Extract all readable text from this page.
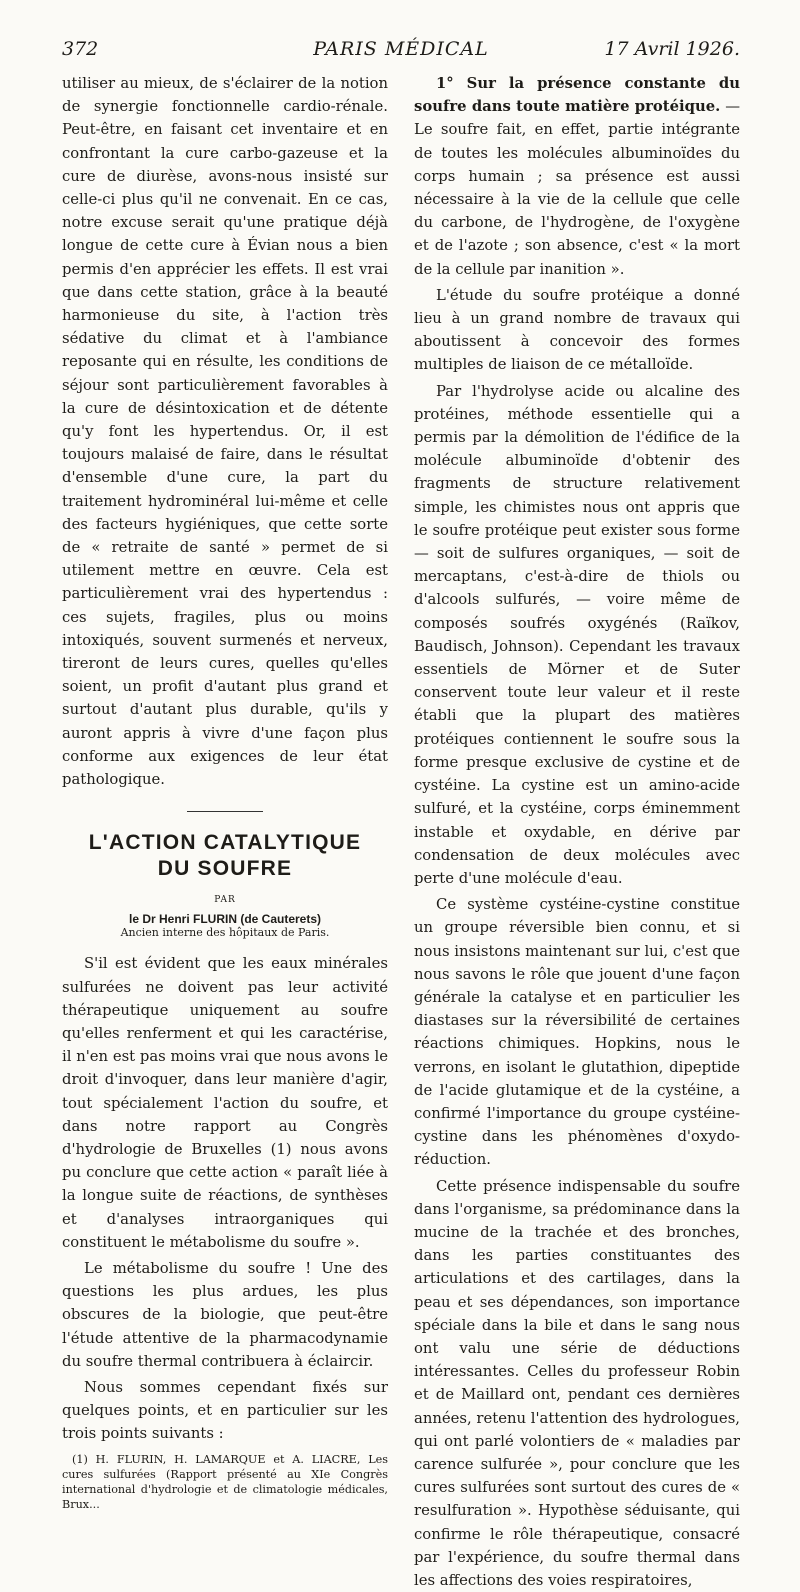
372	PARIS MÉDICAL	17 Avril 1926.

utiliser au mieux, de s'éclairer de la notion de synergie fonctionnelle cardio-rénale. Peut-être, en faisant cet inventaire et en confrontant la cure carbo-gazeuse et la cure de diurèse, avons-nous insisté sur celle-ci plus qu'il ne convenait. En ce cas, notre excuse serait qu'une pratique déjà longue de cette cure à Évian nous a bien permis d'en apprécier les effets. Il est vrai que dans cette station, grâce à la beauté harmonieuse du site, à l'action très sédative du climat et à l'ambiance reposante qui en résulte, les conditions de séjour sont particulièrement favorables à la cure de désintoxication et de détente qu'y font les hypertendus. Or, il est toujours malaisé de faire, dans le résultat d'ensemble d'une cure, la part du traitement hydrominéral lui-même et celle des facteurs hygiéniques, que cette sorte de « retraite de santé » permet de si utilement mettre en œuvre. Cela est particulièrement vrai des hypertendus : ces sujets, fragiles, plus ou moins intoxiqués, souvent surmenés et nerveux, tireront de leurs cures, quelles qu'elles soient, un profit d'autant plus grand et surtout d'autant plus durable, qu'ils y auront appris à vivre d'une façon plus conforme aux exigences de leur état pathologique.

L'ACTION CATALYTIQUE
DU SOUFRE
PAR
le Dr Henri FLURIN (de Cauterets)
Ancien interne des hôpitaux de Paris.

S'il est évident que les eaux minérales sulfurées ne doivent pas leur activité thérapeutique uniquement au soufre qu'elles renferment et qui les caractérise, il n'en est pas moins vrai que nous avons le droit d'invoquer, dans leur manière d'agir, tout spécialement l'action du soufre, et dans notre rapport au Congrès d'hydrologie de Bruxelles (1) nous avons pu conclure que cette action « paraît liée à la longue suite de réactions, de synthèses et d'analyses intraorganiques qui constituent le métabolisme du soufre ».

Le métabolisme du soufre ! Une des questions les plus ardues, les plus obscures de la biologie, que peut-être l'étude attentive de la pharmacodynamie du soufre thermal contribuera à éclaircir.

Nous sommes cependant fixés sur quelques points, et en particulier sur les trois points suivants :

(1) H. FLURIN, H. LAMARQUE et A. LIACRE, Les cures sulfurées (Rapport présenté au XIe Congrès international d'hydrologie et de climatologie médicales, Brux...

1° Sur la présence constante du soufre dans toute matière protéique. — Le soufre fait, en effet, partie intégrante de toutes les molécules albuminoïdes du corps humain ; sa présence est aussi nécessaire à la vie de la cellule que celle du carbone, de l'hydrogène, de l'oxygène et de l'azote ; son absence, c'est « la mort de la cellule par inanition ».

L'étude du soufre protéique a donné lieu à un grand nombre de travaux qui aboutissent à concevoir des formes multiples de liaison de ce métalloïde.

Par l'hydrolyse acide ou alcaline des protéines, méthode essentielle qui a permis par la démolition de l'édifice de la molécule albuminoïde d'obtenir des fragments de structure relativement simple, les chimistes nous ont appris que le soufre protéique peut exister sous forme — soit de sulfures organiques, — soit de mercaptans, c'est-à-dire de thiols ou d'alcools sulfurés, — voire même de composés soufrés oxygénés (Raïkov, Baudisch, Johnson). Cependant les travaux essentiels de Mörner et de Suter conservent toute leur valeur et il reste établi que la plupart des matières protéiques contiennent le soufre sous la forme presque exclusive de cystine et de cystéine. La cystine est un amino-acide sulfuré, et la cystéine, corps éminemment instable et oxydable, en dérive par condensation de deux molécules avec perte d'une molécule d'eau.

Ce système cystéine-cystine constitue un groupe réversible bien connu, et si nous insistons maintenant sur lui, c'est que nous savons le rôle que jouent d'une façon générale la catalyse et en particulier les diastases sur la réversibilité de certaines réactions chimiques. Hopkins, nous le verrons, en isolant le glutathion, dipeptide de l'acide glutamique et de la cystéine, a confirmé l'importance du groupe cystéine-cystine dans les phénomènes d'oxydo-réduction.

Cette présence indispensable du soufre dans l'organisme, sa prédominance dans la mucine de la trachée et des bronches, dans les parties constituantes des articulations et des cartilages, dans la peau et ses dépendances, son importance spéciale dans la bile et dans le sang nous ont valu une série de déductions intéressantes. Celles du professeur Robin et de Maillard ont, pendant ces dernières années, retenu l'attention des hydrologues, qui ont parlé volontiers de « maladies par carence sulfurée », pour conclure que les cures sulfurées sont surtout des cures de « resulfuration ». Hypothèse séduisante, qui confirme le rôle thérapeutique, consacré par l'expérience, du soufre thermal dans les affections des voies respiratoires,
